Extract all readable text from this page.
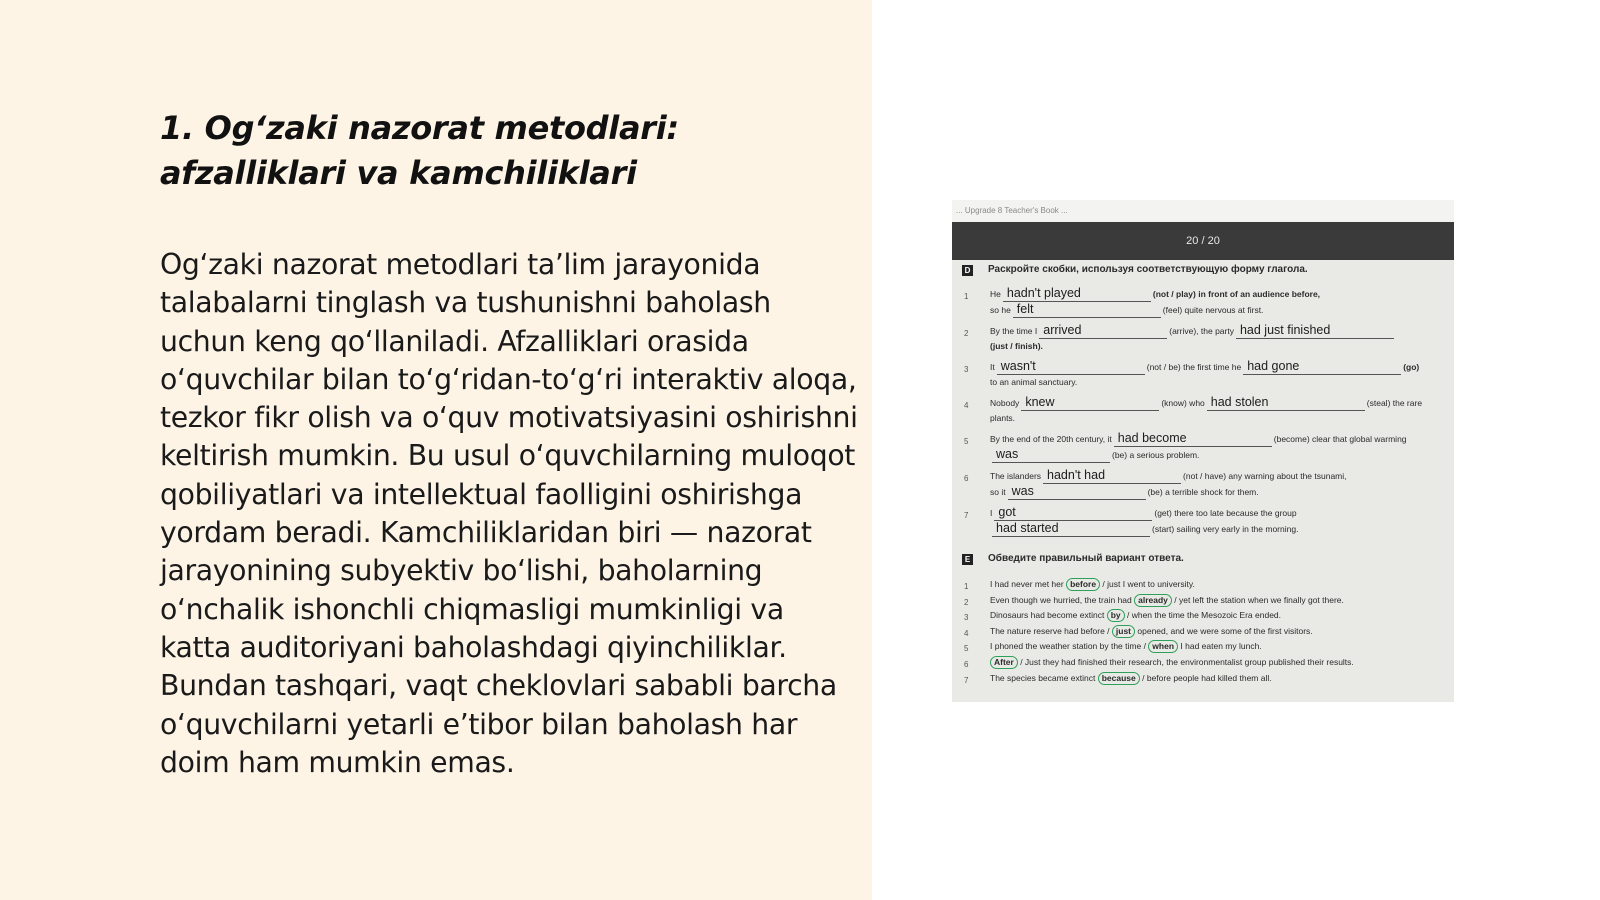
1. Og‘zaki nazorat metodlari: afzalliklari va kamchiliklari

Og‘zaki nazorat metodlari ta’lim jarayonida talabalarni tinglash va tushunishni baholash uchun keng qo‘llaniladi. Afzalliklari orasida o‘quvchilar bilan to‘g‘ridan-to‘g‘ri interaktiv aloqa, tezkor fikr olish va o‘quv motivatsiyasini oshirishni keltirish mumkin. Bu usul o‘quvchilarning muloqot qobiliyatlari va intellektual faolligini oshirishga yordam beradi. Kamchiliklaridan biri — nazorat jarayonining subyektiv bo‘lishi, baholarning o‘nchalik ishonchli chiqmasligi mumkinligi va katta auditoriyani baholashdagi qiyinchiliklar. Bundan tashqari, vaqt cheklovlari sababli barcha o‘quvchilarni yetarli e’tibor bilan baholash har doim ham mumkin emas.

... Upgrade 8 Teacher's Book ...
20 / 20
D Раскройте скобки, используя соответствующую форму глагола.
1	He hadn't played	(not / play) in front of an audience before,
so he felt	(feel) quite nervous at first.
2	By the time I arrived	(arrive), the party had just finished
(just / finish).
3	It wasn't	(not / be) the first time he had gone	(go)
to an animal sanctuary.
4	Nobody knew	(know) who had stolen	(steal) the rare
plants.
5	By the end of the 20th century, it had become	(become) clear that global warming
was	(be) a serious problem.
6	The islanders hadn't had	(not / have) any warning about the tsunami,
so it was	(be) a terrible shock for them.
7	I got	(get) there too late because the group
had started	(start) sailing very early in the morning.
E Обведите правильный вариант ответа.
1	I had never met her before / just I went to university.
2	Even though we hurried, the train had already / yet left the station when we finally got there.
3	Dinosaurs had become extinct by / when the time the Mesozoic Era ended.
4	The nature reserve had before / just opened, and we were some of the first visitors.
5	I phoned the weather station by the time / when I had eaten my lunch.
6	After / Just they had finished their research, the environmentalist group published their results.
7	The species became extinct because / before people had killed them all.
